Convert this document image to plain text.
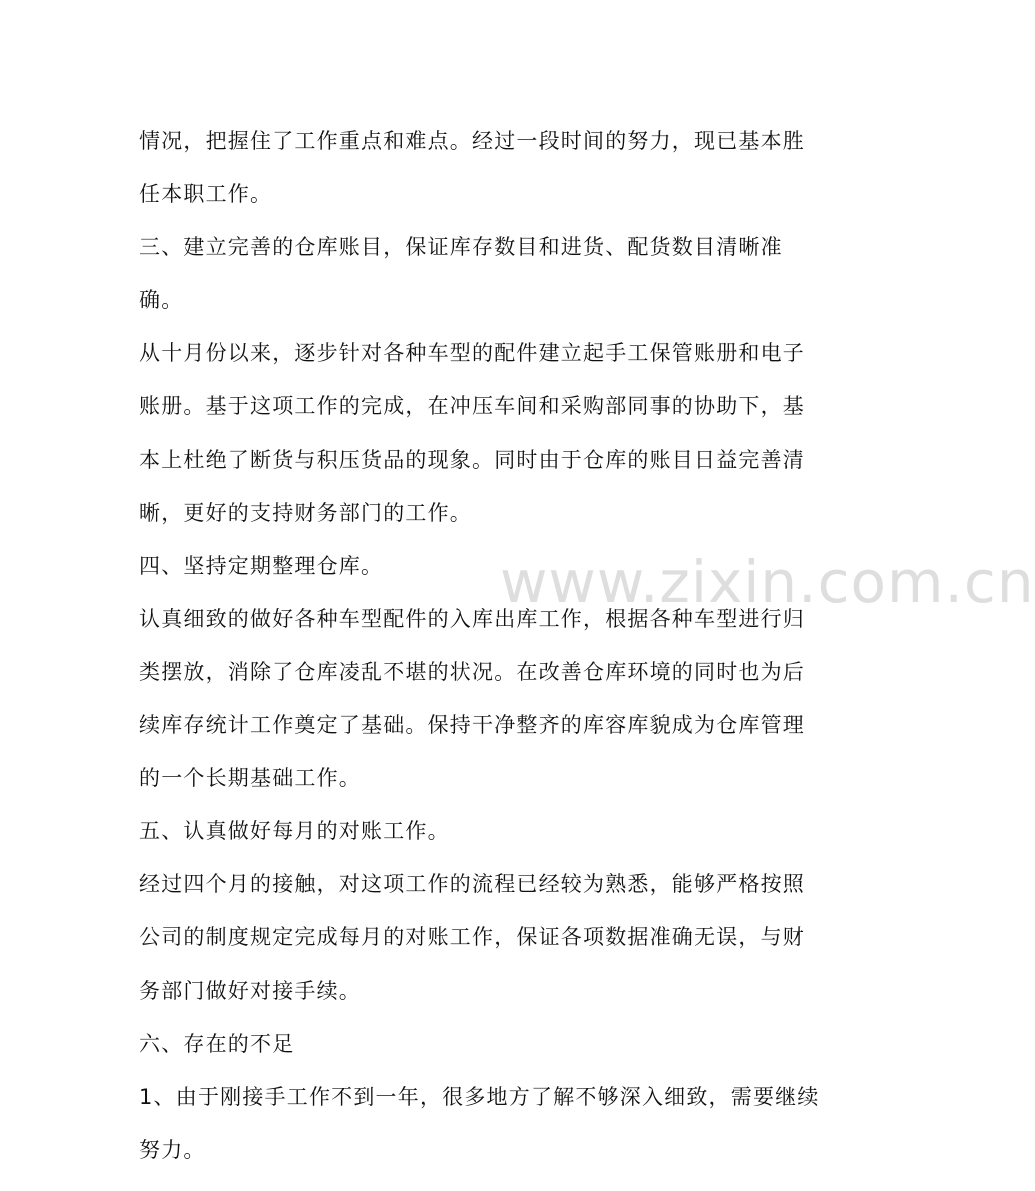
www.zixin.com.cn
情况，把握住了工作重点和难点。经过一段时间的努力，现已基本胜
任本职工作。
三、建立完善的仓库账目，保证库存数目和进货、配货数目清晰准
确。
从十月份以来，逐步针对各种车型的配件建立起手工保管账册和电子
账册。基于这项工作的完成，在冲压车间和采购部同事的协助下，基
本上杜绝了断货与积压货品的现象。同时由于仓库的账目日益完善清
晰，更好的支持财务部门的工作。
四、坚持定期整理仓库。
认真细致的做好各种车型配件的入库出库工作，根据各种车型进行归
类摆放，消除了仓库凌乱不堪的状况。在改善仓库环境的同时也为后
续库存统计工作奠定了基础。保持干净整齐的库容库貌成为仓库管理
的一个长期基础工作。
五、认真做好每月的对账工作。
经过四个月的接触，对这项工作的流程已经较为熟悉，能够严格按照
公司的制度规定完成每月的对账工作，保证各项数据准确无误，与财
务部门做好对接手续。
六、存在的不足
1、由于刚接手工作不到一年，很多地方了解不够深入细致，需要继续
努力。
